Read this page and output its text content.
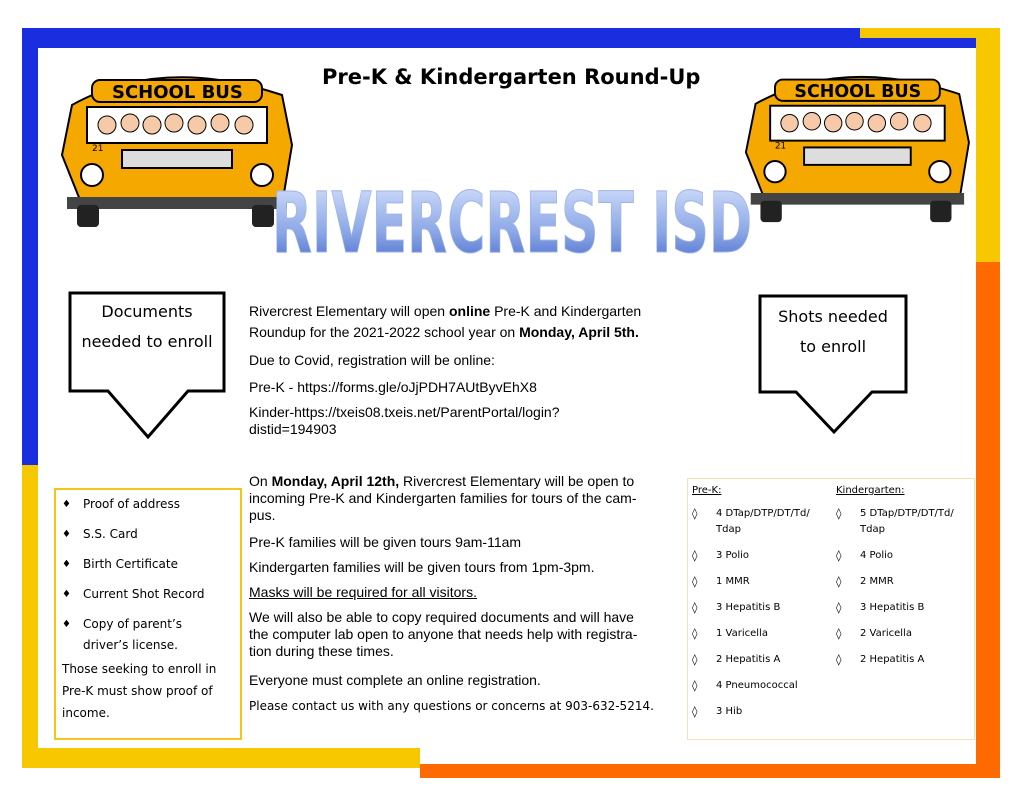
Pre-K & Kindergarten Round-Up
SCHOOL BUS
21
SCHOOL BUS
21
RIVERCREST ISD
Documents
needed to enroll
Shots needed
to enroll
Rivercrest Elementary will open online Pre-K and Kindergarten
Roundup for the 2021-2022 school year on Monday, April 5th.
Due to Covid, registration will be online:
Pre-K - https://forms.gle/oJjPDH7AUtByvEhX8
Kinder-https://txeis08.txeis.net/ParentPortal/login?
distid=194903
On Monday, April 12th, Rivercrest Elementary will be open to
incoming Pre-K and Kindergarten families for tours of the cam-
pus.
Pre-K families will be given tours 9am-11am
Kindergarten families will be given tours from 1pm-3pm.
Masks will be required for all visitors.
We will also be able to copy required documents and will have
the computer lab open to anyone that needs help with registra-
tion during these times.
Everyone must complete an online registration.
Please contact us with any questions or concerns at 903-632-5214.
♦	Proof of address
♦	S.S. Card
♦	Birth Certificate
♦	Current Shot Record
♦	Copy of parent’s
driver’s license.
Those seeking to enroll in
Pre-K must show proof of
income.
Pre-K:
◊	4 DTap/DTP/DT/Td/
Tdap
◊	3 Polio
◊	1 MMR
◊	3 Hepatitis B
◊	1 Varicella
◊	2 Hepatitis A
◊	4 Pneumococcal
◊	3 Hib
Kindergarten:
◊	5 DTap/DTP/DT/Td/
Tdap
◊	4 Polio
◊	2 MMR
◊	3 Hepatitis B
◊	2 Varicella
◊	2 Hepatitis A
